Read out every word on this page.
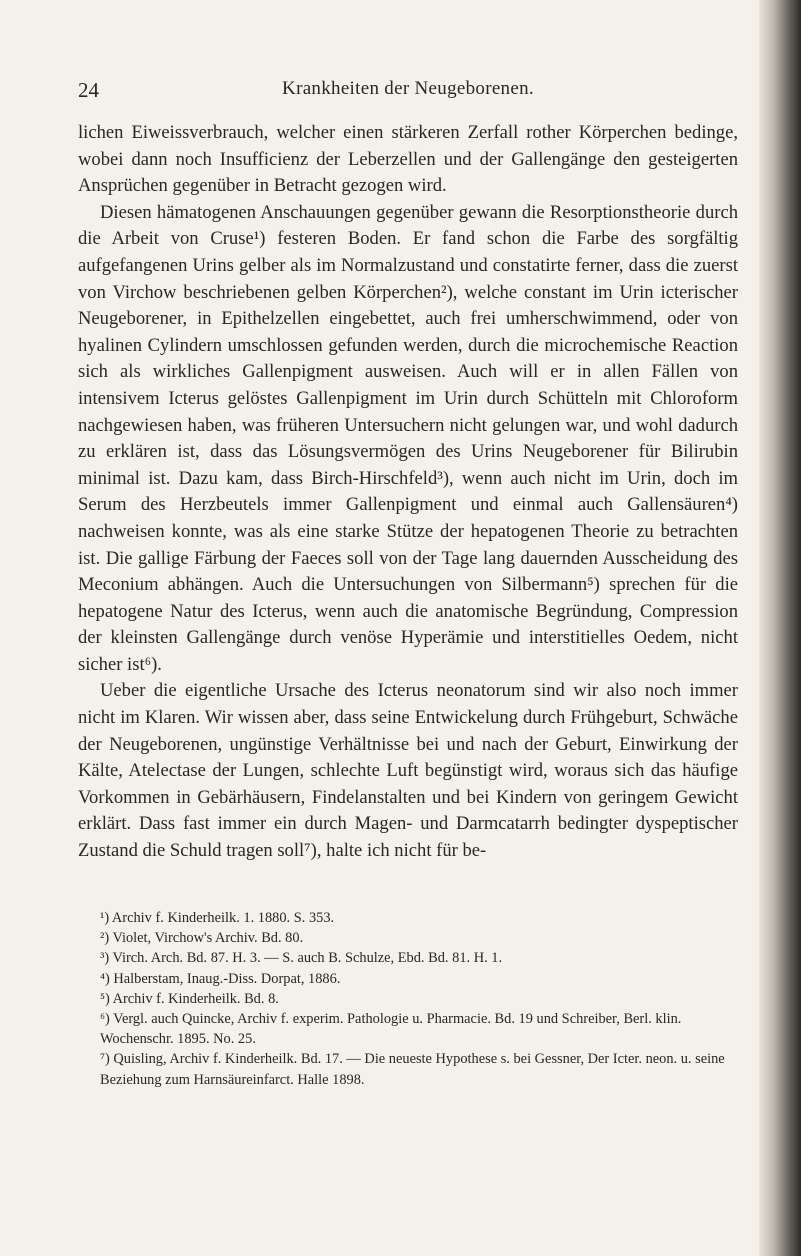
24	Krankheiten der Neugeborenen.

lichen Eiweissverbrauch, welcher einen stärkeren Zerfall rother Körperchen bedinge, wobei dann noch Insufficienz der Leberzellen und der Gallengänge den gesteigerten Ansprüchen gegenüber in Betracht gezogen wird.

Diesen hämatogenen Anschauungen gegenüber gewann die Resorptionstheorie durch die Arbeit von Cruse¹) festeren Boden. Er fand schon die Farbe des sorgfältig aufgefangenen Urins gelber als im Normalzustand und constatirte ferner, dass die zuerst von Virchow beschriebenen gelben Körperchen²), welche constant im Urin icterischer Neugeborener, in Epithelzellen eingebettet, auch frei umherschwimmend, oder von hyalinen Cylindern umschlossen gefunden werden, durch die microchemische Reaction sich als wirkliches Gallenpigment ausweisen. Auch will er in allen Fällen von intensivem Icterus gelöstes Gallenpigment im Urin durch Schütteln mit Chloroform nachgewiesen haben, was früheren Untersuchern nicht gelungen war, und wohl dadurch zu erklären ist, dass das Lösungsvermögen des Urins Neugeborener für Bilirubin minimal ist. Dazu kam, dass Birch-Hirschfeld³), wenn auch nicht im Urin, doch im Serum des Herzbeutels immer Gallenpigment und einmal auch Gallensäuren⁴) nachweisen konnte, was als eine starke Stütze der hepatogenen Theorie zu betrachten ist. Die gallige Färbung der Faeces soll von der Tage lang dauernden Ausscheidung des Meconium abhängen. Auch die Untersuchungen von Silbermann⁵) sprechen für die hepatogene Natur des Icterus, wenn auch die anatomische Begründung, Compression der kleinsten Gallengänge durch venöse Hyperämie und interstitielles Oedem, nicht sicher ist⁶).

Ueber die eigentliche Ursache des Icterus neonatorum sind wir also noch immer nicht im Klaren. Wir wissen aber, dass seine Entwickelung durch Frühgeburt, Schwäche der Neugeborenen, ungünstige Verhältnisse bei und nach der Geburt, Einwirkung der Kälte, Atelectase der Lungen, schlechte Luft begünstigt wird, woraus sich das häufige Vorkommen in Gebärhäusern, Findelanstalten und bei Kindern von geringem Gewicht erklärt. Dass fast immer ein durch Magen- und Darmcatarrh bedingter dyspeptischer Zustand die Schuld tragen soll⁷), halte ich nicht für be-

¹) Archiv f. Kinderheilk. 1. 1880. S. 353.
²) Violet, Virchow's Archiv. Bd. 80.
³) Virch. Arch. Bd. 87. H. 3. — S. auch B. Schulze, Ebd. Bd. 81. H. 1.
⁴) Halberstam, Inaug.-Diss. Dorpat, 1886.
⁵) Archiv f. Kinderheilk. Bd. 8.
⁶) Vergl. auch Quincke, Archiv f. experim. Pathologie u. Pharmacie. Bd. 19 und Schreiber, Berl. klin. Wochenschr. 1895. No. 25.
⁷) Quisling, Archiv f. Kinderheilk. Bd. 17. — Die neueste Hypothese s. bei Gessner, Der Icter. neon. u. seine Beziehung zum Harnsäureinfarct. Halle 1898.
